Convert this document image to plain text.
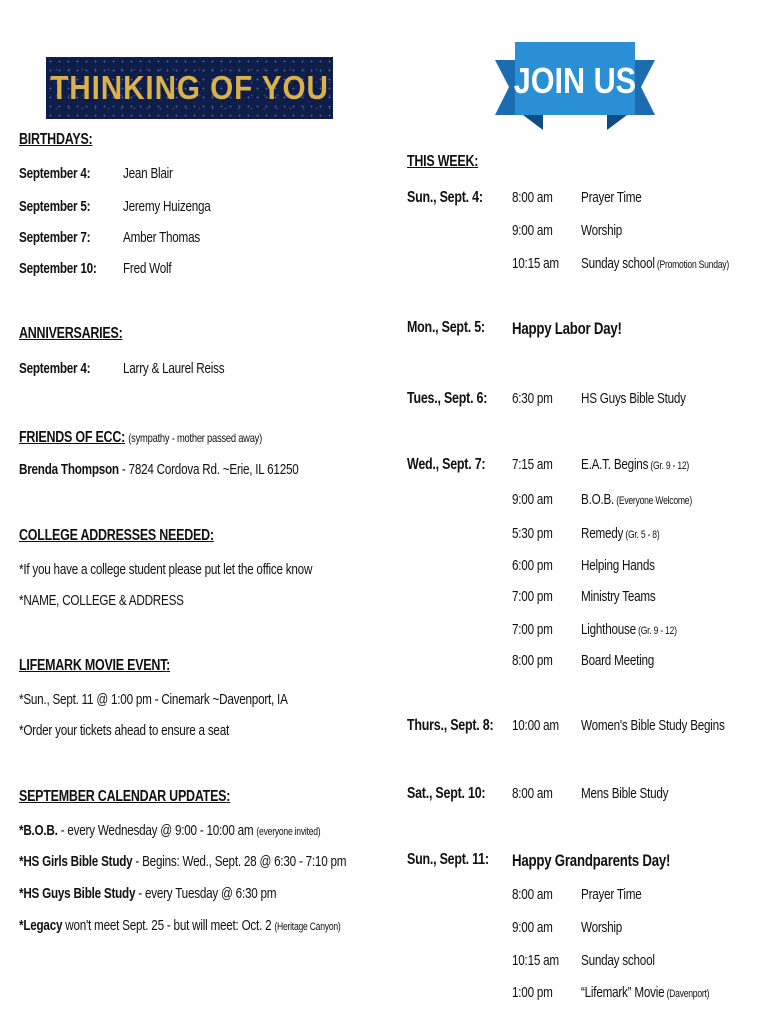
THINKING OF YOU	JOIN US
BIRTHDAYS:
September 4: Jean Blair
September 5: Jeremy Huizenga
September 7: Amber Thomas
September 10: Fred Wolf
ANNIVERSARIES:
September 4: Larry & Laurel Reiss
FRIENDS OF ECC: (sympathy - mother passed away)
Brenda Thompson - 7824 Cordova Rd. ~Erie, IL 61250
COLLEGE ADDRESSES NEEDED:
*If you have a college student please put let the office know
*NAME, COLLEGE & ADDRESS
LIFEMARK MOVIE EVENT:
*Sun., Sept. 11 @ 1:00 pm - Cinemark ~Davenport, IA
*Order your tickets ahead to ensure a seat
SEPTEMBER CALENDAR UPDATES:
*B.O.B. - every Wednesday @ 9:00 - 10:00 am (everyone invited)
*HS Girls Bible Study - Begins: Wed., Sept. 28 @ 6:30 - 7:10 pm
*HS Guys Bible Study - every Tuesday @ 6:30 pm
*Legacy won't meet Sept. 25 - but will meet: Oct. 2 (Heritage Canyon)
THIS WEEK:
Sun., Sept. 4: 8:00 am Prayer Time
9:00 am Worship
10:15 am Sunday school (Promotion Sunday)
Mon., Sept. 5: Happy Labor Day!
Tues., Sept. 6: 6:30 pm HS Guys Bible Study
Wed., Sept. 7: 7:15 am E.A.T. Begins (Gr. 9 - 12)
9:00 am B.O.B. (Everyone Welcome)
5:30 pm Remedy (Gr. 5 - 8)
6:00 pm Helping Hands
7:00 pm Ministry Teams
7:00 pm Lighthouse (Gr. 9 - 12)
8:00 pm Board Meeting
Thurs., Sept. 8: 10:00 am Women's Bible Study Begins
Sat., Sept. 10: 8:00 am Mens Bible Study
Sun., Sept. 11: Happy Grandparents Day!
8:00 am Prayer Time
9:00 am Worship
10:15 am Sunday school
1:00 pm “Lifemark” Movie (Davenport)
